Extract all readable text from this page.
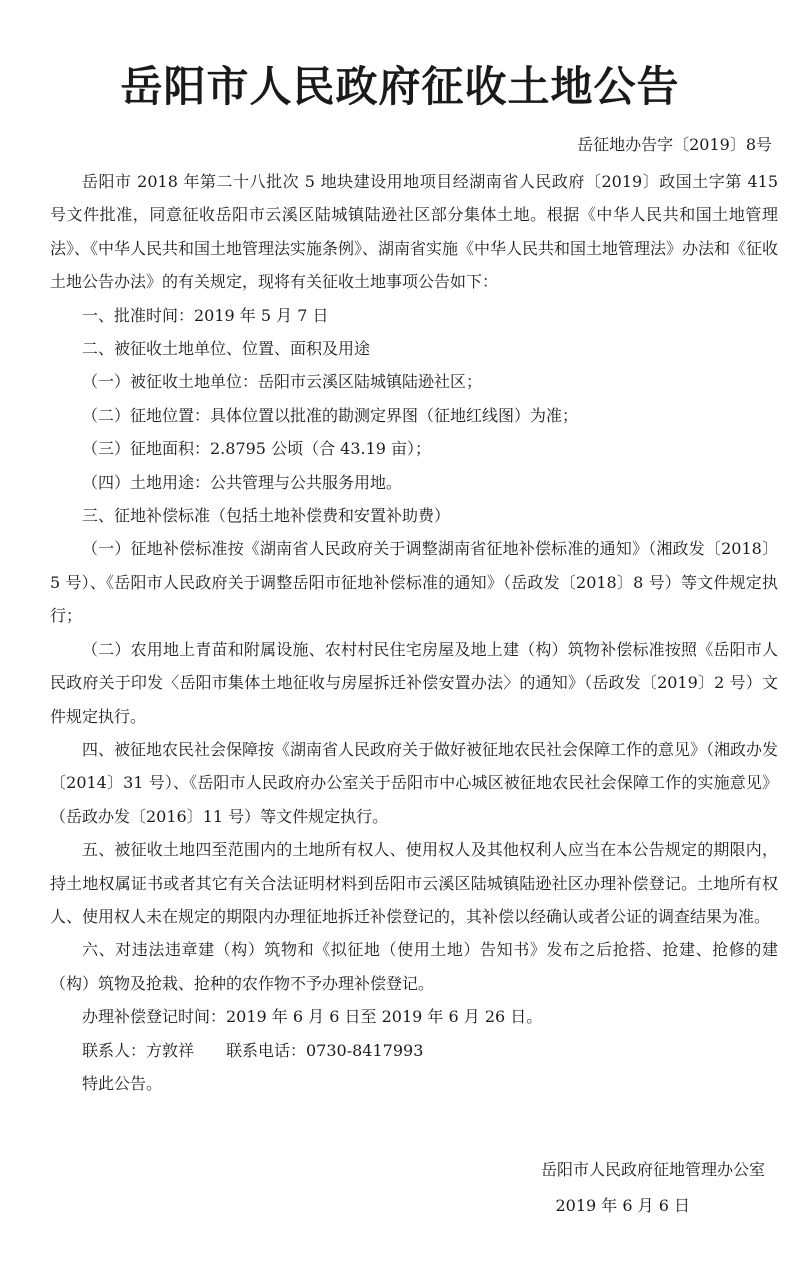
岳阳市人民政府征收土地公告
岳征地办告字〔2019〕8号

岳阳市 2018 年第二十八批次 5 地块建设用地项目经湖南省人民政府〔2019〕政国土字第 415 号文件批准，同意征收岳阳市云溪区陆城镇陆逊社区部分集体土地。根据《中华人民共和国土地管理法》、《中华人民共和国土地管理法实施条例》、湖南省实施《中华人民共和国土地管理法》办法和《征收土地公告办法》的有关规定，现将有关征收土地事项公告如下：

一、批准时间：2019 年 5 月 7 日

二、被征收土地单位、位置、面积及用途

（一）被征收土地单位：岳阳市云溪区陆城镇陆逊社区；

（二）征地位置：具体位置以批准的勘测定界图（征地红线图）为准；

（三）征地面积：2.8795 公顷（合 43.19 亩）；

（四）土地用途：公共管理与公共服务用地。

三、征地补偿标准（包括土地补偿费和安置补助费）

（一）征地补偿标准按《湖南省人民政府关于调整湖南省征地补偿标准的通知》（湘政发〔2018〕5 号）、《岳阳市人民政府关于调整岳阳市征地补偿标准的通知》（岳政发〔2018〕8 号）等文件规定执行；

（二）农用地上青苗和附属设施、农村村民住宅房屋及地上建（构）筑物补偿标准按照《岳阳市人民政府关于印发〈岳阳市集体土地征收与房屋拆迁补偿安置办法〉的通知》（岳政发〔2019〕2 号）文件规定执行。

四、被征地农民社会保障按《湖南省人民政府关于做好被征地农民社会保障工作的意见》（湘政办发〔2014〕31 号）、《岳阳市人民政府办公室关于岳阳市中心城区被征地农民社会保障工作的实施意见》（岳政办发〔2016〕11 号）等文件规定执行。

五、被征收土地四至范围内的土地所有权人、使用权人及其他权利人应当在本公告规定的期限内，持土地权属证书或者其它有关合法证明材料到岳阳市云溪区陆城镇陆逊社区办理补偿登记。土地所有权人、使用权人未在规定的期限内办理征地拆迁补偿登记的，其补偿以经确认或者公证的调查结果为准。

六、对违法违章建（构）筑物和《拟征地（使用土地）告知书》发布之后抢搭、抢建、抢修的建（构）筑物及抢栽、抢种的农作物不予办理补偿登记。

办理补偿登记时间：2019 年 6 月 6 日至 2019 年 6 月 26 日。

联系人：方敦祥　　联系电话：0730-8417993

特此公告。

岳阳市人民政府征地管理办公室
2019 年 6 月 6 日
